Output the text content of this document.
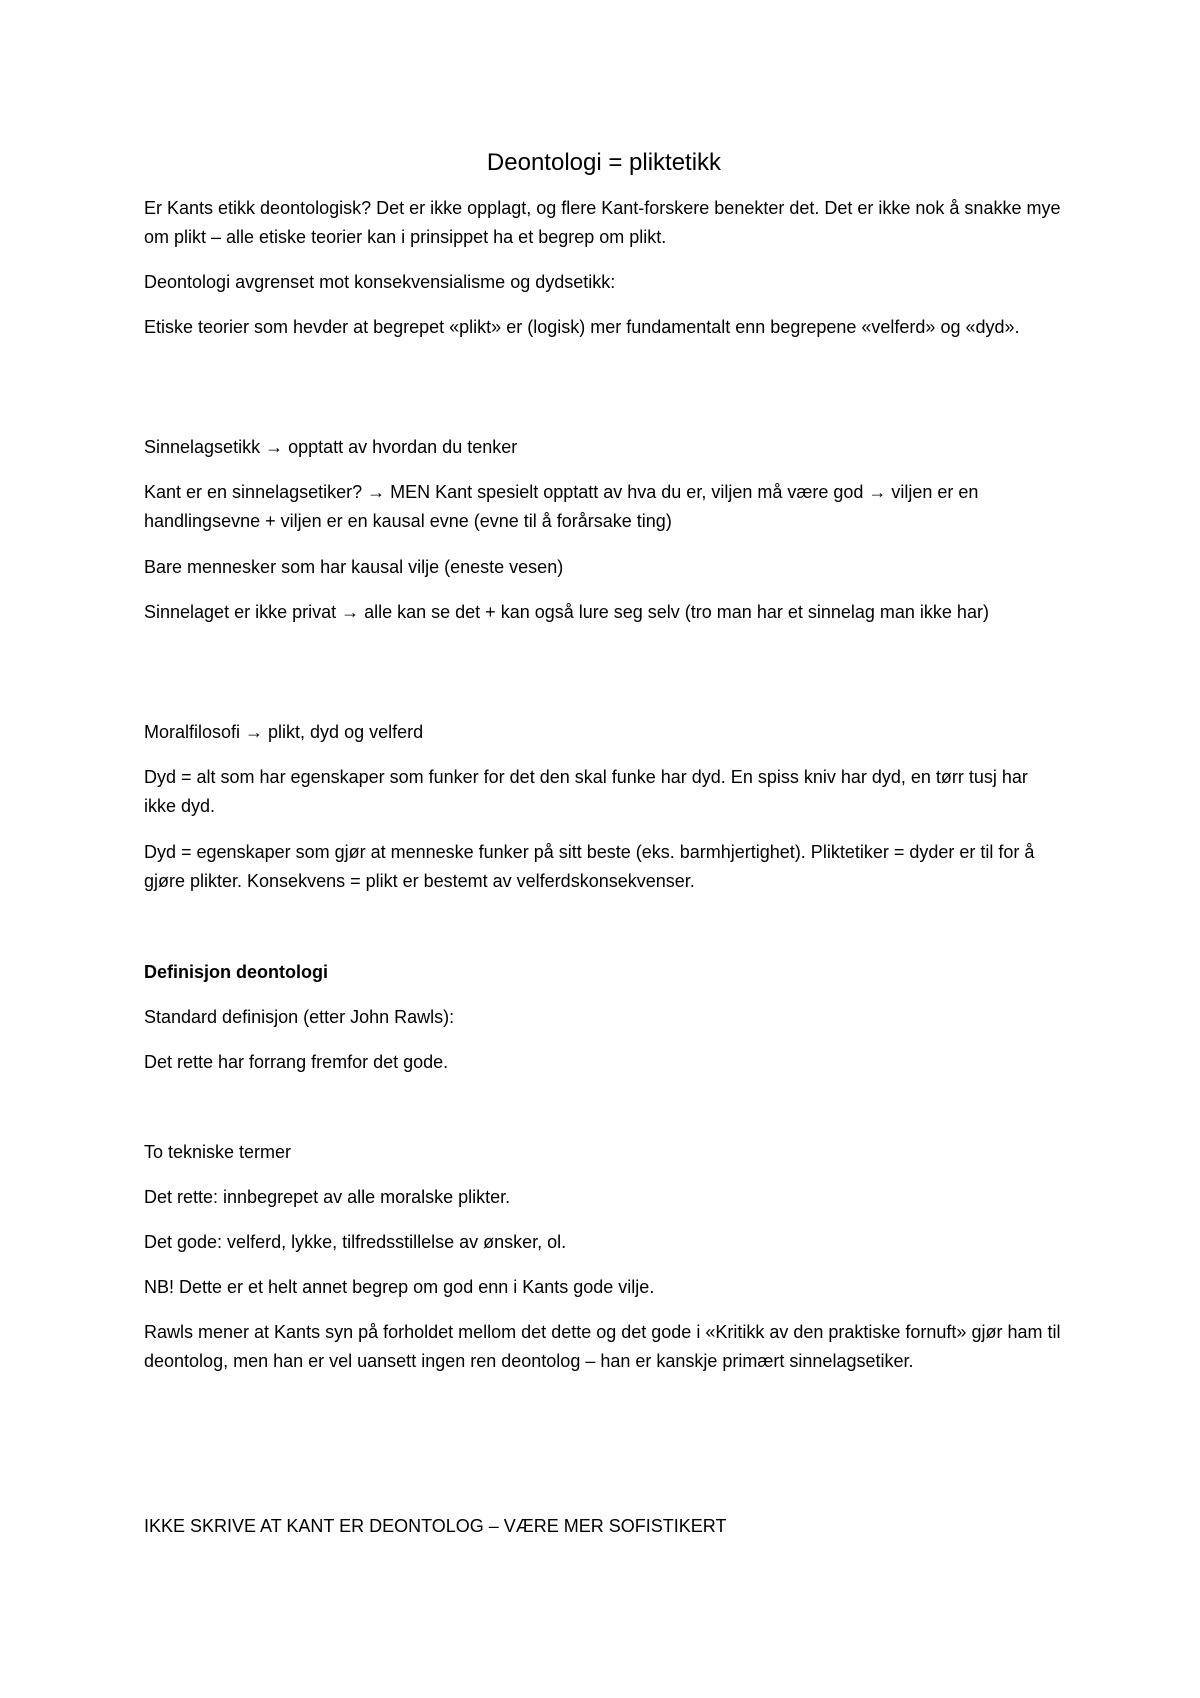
Deontologi = pliktetikk

Er Kants etikk deontologisk? Det er ikke opplagt, og flere Kant-forskere benekter det. Det er ikke nok å snakke mye om plikt – alle etiske teorier kan i prinsippet ha et begrep om plikt.

Deontologi avgrenset mot konsekvensialisme og dydsetikk:

Etiske teorier som hevder at begrepet «plikt» er (logisk) mer fundamentalt enn begrepene «velferd» og «dyd».

Sinnelagsetikk → opptatt av hvordan du tenker

Kant er en sinnelagsetiker? → MEN Kant spesielt opptatt av hva du er, viljen må være god → viljen er en handlingsevne + viljen er en kausal evne (evne til å forårsake ting)

Bare mennesker som har kausal vilje (eneste vesen)

Sinnelaget er ikke privat → alle kan se det + kan også lure seg selv (tro man har et sinnelag man ikke har)

Moralfilosofi → plikt, dyd og velferd

Dyd = alt som har egenskaper som funker for det den skal funke har dyd. En spiss kniv har dyd, en tørr tusj har ikke dyd.

Dyd = egenskaper som gjør at menneske funker på sitt beste (eks. barmhjertighet). Pliktetiker = dyder er til for å gjøre plikter. Konsekvens = plikt er bestemt av velferdskonsekvenser.

Definisjon deontologi

Standard definisjon (etter John Rawls):

Det rette har forrang fremfor det gode.

To tekniske termer

Det rette: innbegrepet av alle moralske plikter.

Det gode: velferd, lykke, tilfredsstillelse av ønsker, ol.

NB! Dette er et helt annet begrep om god enn i Kants gode vilje.

Rawls mener at Kants syn på forholdet mellom det dette og det gode i «Kritikk av den praktiske fornuft» gjør ham til deontolog, men han er vel uansett ingen ren deontolog – han er kanskje primært sinnelagsetiker.

IKKE SKRIVE AT KANT ER DEONTOLOG – VÆRE MER SOFISTIKERT
